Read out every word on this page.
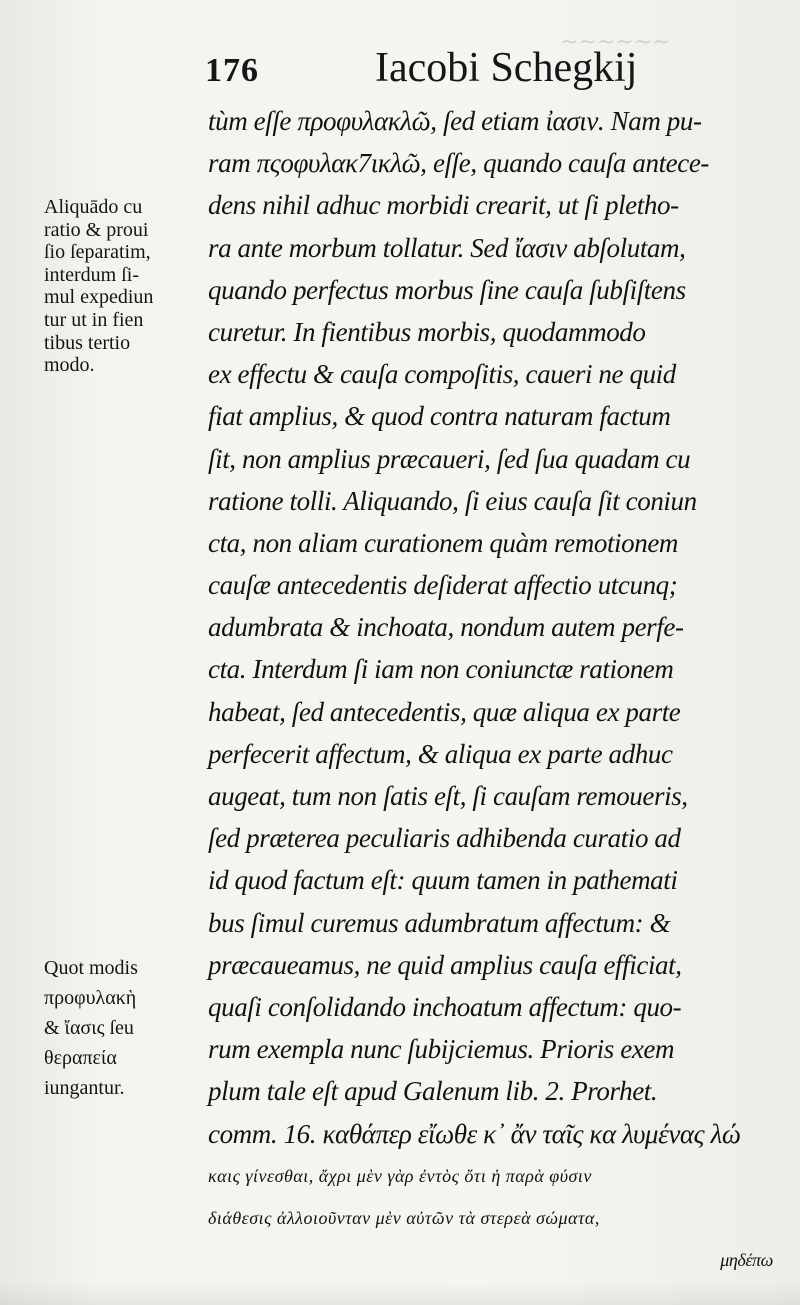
~~~~~~
176	Iacobi Schegkij
tùm eſſe προφυλακλῶ, ſed etiam ἰασιν. Nam pu-
ram πςοφυλακ7ικλῶ, eſſe, quando cauſa antece-
dens nihil adhuc morbidi crearit, ut ſi pletho-
ra ante morbum tollatur. Sed ἴασιν abſolutam,
quando perfectus morbus ſine cauſa ſubſiſtens
curetur. In fientibus morbis, quodammodo
ex effectu & cauſa compoſitis, caueri ne quid
fiat amplius, & quod contra naturam factum
ſit, non amplius præcaueri, ſed ſua quadam cu
ratione tolli. Aliquando, ſi eius cauſa ſit coniun
cta, non aliam curationem quàm remotionem
cauſæ antecedentis deſiderat affectio utcunq;
adumbrata & inchoata, nondum autem perfe-
cta. Interdum ſi iam non coniunctæ rationem
habeat, ſed antecedentis, quæ aliqua ex parte
perfecerit affectum, & aliqua ex parte adhuc
augeat, tum non ſatis eſt, ſi cauſam remoueris,
ſed præterea peculiaris adhibenda curatio ad
id quod factum eſt: quum tamen in pathemati
bus ſimul curemus adumbratum affectum: &
præcaueamus, ne quid amplius cauſa efficiat,
quaſi conſolidando inchoatum affectum: quo-
rum exempla nunc ſubijciemus. Prioris exem
plum tale eſt apud Galenum lib. 2. Prorhet.
comm. 16. καθάπερ εἴωθε κ᾽ ἄν ταῖς κα λυμένας λώ
καις γίνεσθαι, ἄχρι μὲν γὰρ ἐντὸς ὄτι ἡ παρὰ φύσιν
διάθεσις ἀλλοιοῦνταν μὲν αὐτῶν τὰ στερεὰ σώματα,
μηδέπω
Aliquādo cu
ratio & proui
ſio ſeparatim,
interdum ſi-
mul expediun
tur ut in fien
tibus tertio
modo.
Quot modis
προφυλακὴ
& ἴασις ſeu
θεραπεία
iungantur.
